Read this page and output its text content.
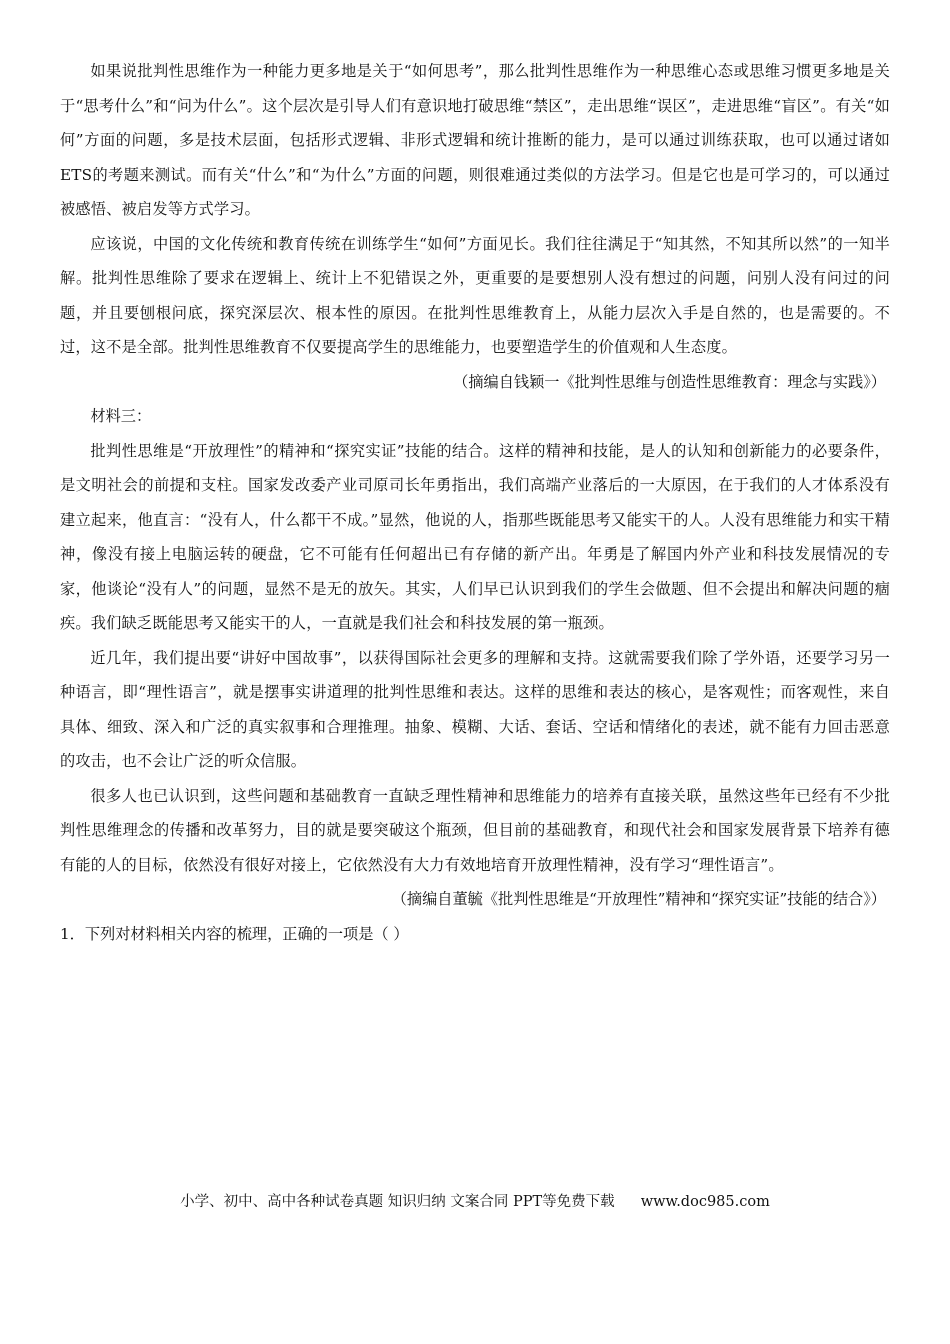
如果说批判性思维作为一种能力更多地是关于“如何思考”，那么批判性思维作为一种思维心态或思维习惯更多地是关于“思考什么”和“问为什么”。这个层次是引导人们有意识地打破思维“禁区”，走出思维“误区”，走进思维“盲区”。有关“如何”方面的问题，多是技术层面，包括形式逻辑、非形式逻辑和统计推断的能力，是可以通过训练获取，也可以通过诸如ETS的考题来测试。而有关“什么”和“为什么”方面的问题，则很难通过类似的方法学习。但是它也是可学习的，可以通过被感悟、被启发等方式学习。

应该说，中国的文化传统和教育传统在训练学生“如何”方面见长。我们往往满足于“知其然，不知其所以然”的一知半解。批判性思维除了要求在逻辑上、统计上不犯错误之外，更重要的是要想别人没有想过的问题，问别人没有问过的问题，并且要刨根问底，探究深层次、根本性的原因。在批判性思维教育上，从能力层次入手是自然的，也是需要的。不过，这不是全部。批判性思维教育不仅要提高学生的思维能力，也要塑造学生的价值观和人生态度。

（摘编自钱颖一《批判性思维与创造性思维教育：理念与实践》）

材料三：

批判性思维是“开放理性”的精神和“探究实证”技能的结合。这样的精神和技能，是人的认知和创新能力的必要条件，是文明社会的前提和支柱。国家发改委产业司原司长年勇指出，我们高端产业落后的一大原因，在于我们的人才体系没有建立起来，他直言：“没有人，什么都干不成。”显然，他说的人，指那些既能思考又能实干的人。人没有思维能力和实干精神，像没有接上电脑运转的硬盘，它不可能有任何超出已有存储的新产出。年勇是了解国内外产业和科技发展情况的专家，他谈论“没有人”的问题，显然不是无的放矢。其实，人们早已认识到我们的学生会做题、但不会提出和解决问题的痼疾。我们缺乏既能思考又能实干的人，一直就是我们社会和科技发展的第一瓶颈。

近几年，我们提出要“讲好中国故事”，以获得国际社会更多的理解和支持。这就需要我们除了学外语，还要学习另一种语言，即“理性语言”，就是摆事实讲道理的批判性思维和表达。这样的思维和表达的核心，是客观性；而客观性，来自具体、细致、深入和广泛的真实叙事和合理推理。抽象、模糊、大话、套话、空话和情绪化的表述，就不能有力回击恶意的攻击，也不会让广泛的听众信服。

很多人也已认识到，这些问题和基础教育一直缺乏理性精神和思维能力的培养有直接关联，虽然这些年已经有不少批判性思维理念的传播和改革努力，目的就是要突破这个瓶颈，但目前的基础教育，和现代社会和国家发展背景下培养有德有能的人的目标，依然没有很好对接上，它依然没有大力有效地培育开放理性精神，没有学习“理性语言”。

（摘编自董毓《批判性思维是“开放理性”精神和“探究实证”技能的结合》）

1．下列对材料相关内容的梳理，正确的一项是（ ）

小学、初中、高中各种试卷真题 知识归纳 文案合同 PPT等免费下载 www.doc985.com
